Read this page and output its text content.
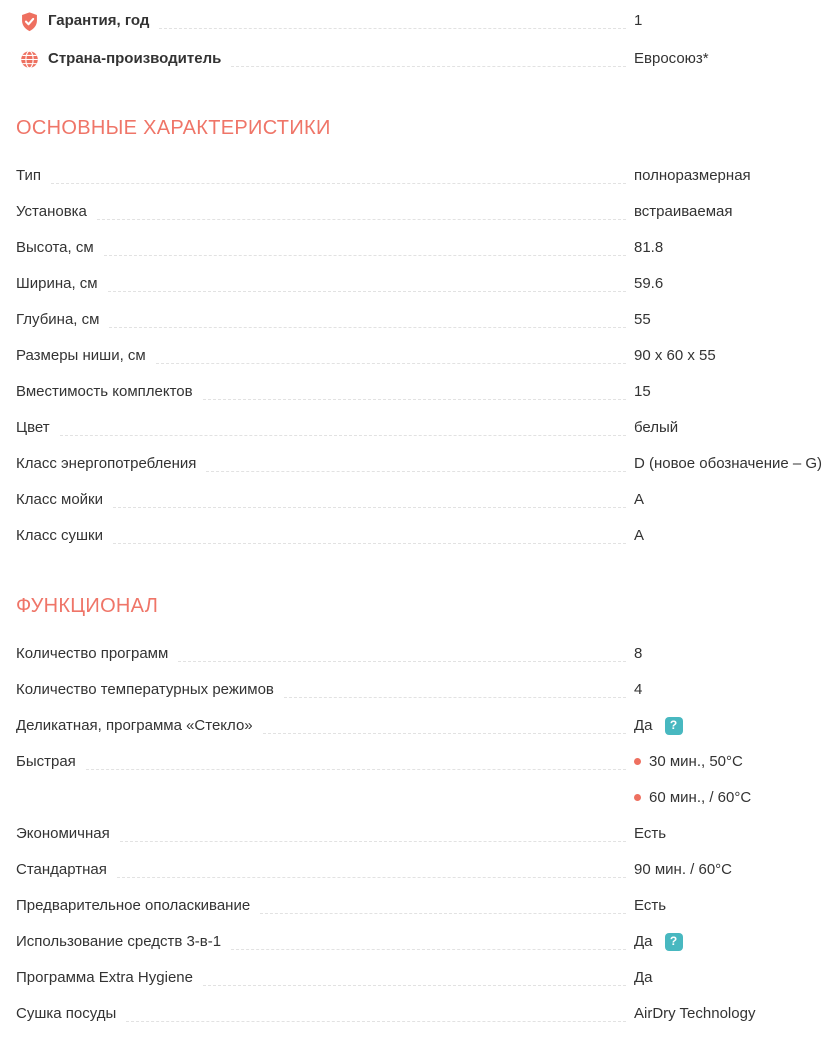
Гарантия, год	1
Страна-производитель	Евросоюз*
ОСНОВНЫЕ ХАРАКТЕРИСТИКИ
Тип	полноразмерная
Установка	встраиваемая
Высота, см	81.8
Ширина, см	59.6
Глубина, см	55
Размеры ниши, см	90 x 60 x 55
Вместимость комплектов	15
Цвет	белый
Класс энергопотребления	D (новое обозначение – G)
Класс мойки	A
Класс сушки	A
ФУНКЦИОНАЛ
Количество программ	8
Количество температурных режимов	4
Деликатная, программа «Стекло»	Да	?
Быстрая	30 мин., 50°C
60 мин., / 60°C
Экономичная	Есть
Стандартная	90 мин. / 60°C
Предварительное ополаскивание	Есть
Использование средств 3-в-1	Да	?
Программа Extra Hygiene	Да
Сушка посуды	AirDry Technology
